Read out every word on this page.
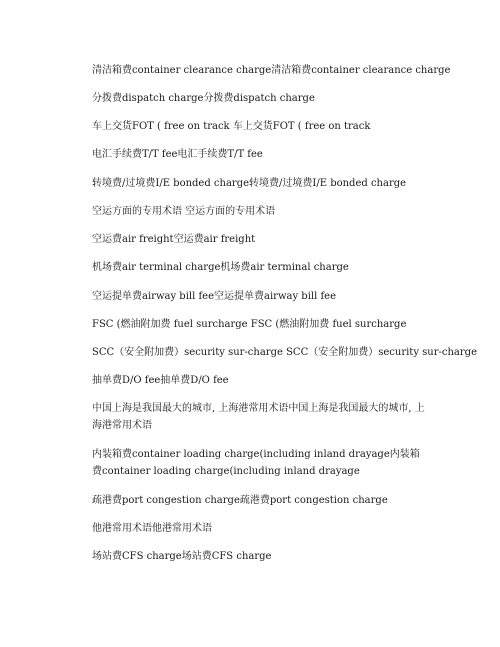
清洁箱费container clearance charge清洁箱费container clearance charge
分拨费dispatch charge分拨费dispatch charge
车上交货FOT ( free on track 车上交货FOT ( free on track
电汇手续费T/T fee电汇手续费T/T fee
转境费/过境费I/E bonded charge转境费/过境费I/E bonded charge
空运方面的专用术语 空运方面的专用术语
空运费air freight空运费air freight
机场费air terminal charge机场费air terminal charge
空运提单费airway bill fee空运提单费airway bill fee
FSC (燃油附加费 fuel surcharge FSC (燃油附加费 fuel surcharge
SCC（安全附加费）security sur-charge SCC（安全附加费）security sur-charge
抽单费D/O fee抽单费D/O fee
中国上海是我国最大的城市, 上海港常用术语中国上海是我国最大的城市, 上海港常用术语
内装箱费container loading charge(including inland drayage内装箱费container loading charge(including inland drayage
疏港费port congestion charge疏港费port congestion charge
他港常用术语他港常用术语
场站费CFS charge场站费CFS charge
